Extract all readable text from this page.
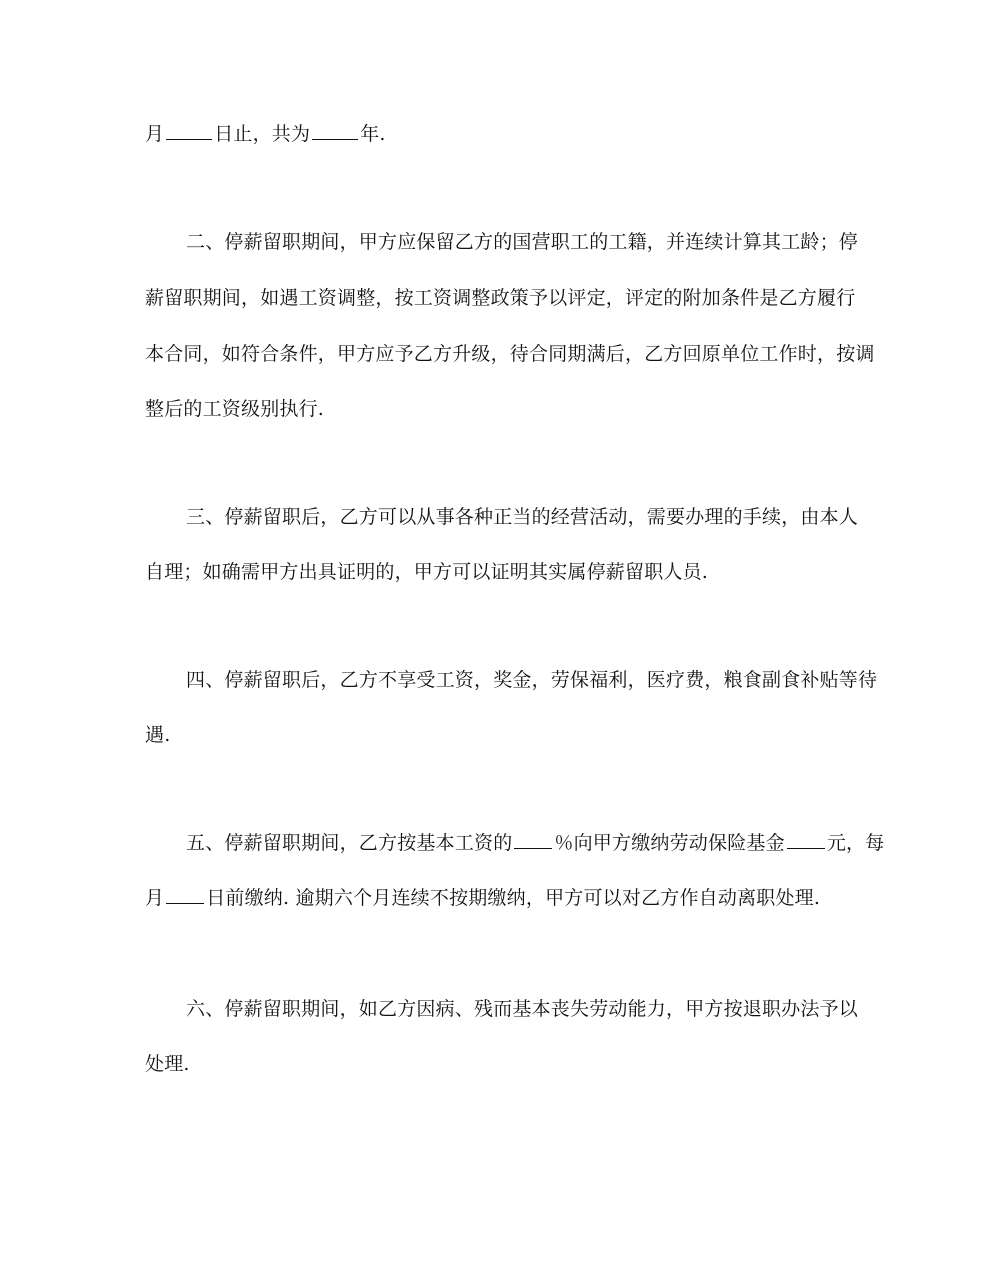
月	日止，共为	年.
二、停薪留职期间，甲方应保留乙方的国营职工的工籍，并连续计算其工龄；停
薪留职期间，如遇工资调整，按工资调整政策予以评定，评定的附加条件是乙方履行
本合同，如符合条件，甲方应予乙方升级，待合同期满后，乙方回原单位工作时，按调
整后的工资级别执行.
三、停薪留职后，乙方可以从事各种正当的经营活动，需要办理的手续，由本人
自理；如确需甲方出具证明的，甲方可以证明其实属停薪留职人员.
四、停薪留职后，乙方不享受工资，奖金，劳保福利，医疗费，粮食副食补贴等待
遇.
五、停薪留职期间，乙方按基本工资的 ％向甲方缴纳劳动保险基金 元，每
月 日前缴纳. 逾期六个月连续不按期缴纳，甲方可以对乙方作自动离职处理.
六、停薪留职期间，如乙方因病、残而基本丧失劳动能力，甲方按退职办法予以
处理.
